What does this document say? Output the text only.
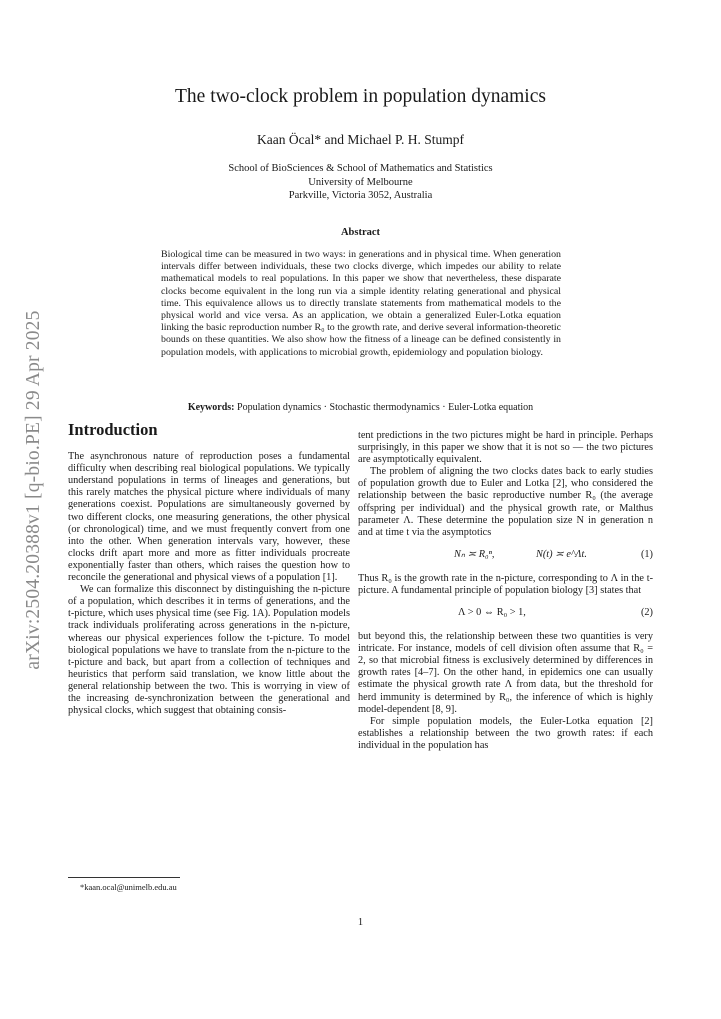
arXiv:2504.20388v1 [q-bio.PE] 29 Apr 2025
The two-clock problem in population dynamics
Kaan Öcal* and Michael P. H. Stumpf
School of BioSciences & School of Mathematics and Statistics
University of Melbourne
Parkville, Victoria 3052, Australia
Abstract

Biological time can be measured in two ways: in generations and in physical time. When generation intervals differ between individuals, these two clocks diverge, which impedes our ability to relate mathematical models to real populations. In this paper we show that nevertheless, these disparate clocks become equivalent in the long run via a simple identity relating generational and physical time. This equivalence allows us to directly translate statements from mathematical models to the physical world and vice versa. As an application, we obtain a generalized Euler-Lotka equation linking the basic reproduction number R₀ to the growth rate, and derive several information-theoretic bounds on these quantities. We also show how the fitness of a lineage can be defined consistently in population models, with applications to microbial growth, epidemiology and population biology.

Keywords: Population dynamics · Stochastic thermodynamics · Euler-Lotka equation
Introduction

The asynchronous nature of reproduction poses a fundamental difficulty when describing real biological populations. We typically understand populations in terms of lineages and generations, but this rarely matches the physical picture where individuals of many generations coexist. Populations are simultaneously governed by two different clocks, one measuring generations, the other physical (or chronological) time, and we must frequently convert from one into the other. When generation intervals vary, however, these clocks drift apart more and more as fitter individuals procreate exponentially faster than others, which raises the question how to reconcile the generational and physical views of a population [1].

We can formalize this disconnect by distinguishing the n-picture of a population, which describes it in terms of generations, and the t-picture, which uses physical time (see Fig. 1A). Population models track individuals proliferating across generations in the n-picture, whereas our physical experiences follow the t-picture. To model biological populations we have to translate from the n-picture to the t-picture and back, but apart from a collection of techniques and heuristics that perform said translation, we know little about the general relationship between the two. This is worrying in view of the increasing de-synchronization between the generational and physical clocks, which suggest that obtaining consis-

tent predictions in the two pictures might be hard in principle. Perhaps surprisingly, in this paper we show that it is not so — the two pictures are asymptotically equivalent.

The problem of aligning the two clocks dates back to early studies of population growth due to Euler and Lotka [2], who considered the relationship between the basic reproductive number R₀ (the average offspring per individual) and the physical growth rate, or Malthus parameter Λ. These determine the population size N in generation n and at time t via the asymptotics

Nₙ ≍ R₀ⁿ,	N(t) ≍ e^Λt.	(1)

Thus R₀ is the growth rate in the n-picture, corresponding to Λ in the t-picture. A fundamental principle of population biology [3] states that

Λ > 0 ⇔ R₀ > 1,	(2)

but beyond this, the relationship between these two quantities is very intricate. For instance, models of cell division often assume that R₀ = 2, so that microbial fitness is exclusively determined by differences in growth rates [4–7]. On the other hand, in epidemics one can usually estimate the physical growth rate Λ from data, but the threshold for herd immunity is determined by R₀, the inference of which is highly model-dependent [8, 9].

For simple population models, the Euler-Lotka equation [2] establishes a relationship between the two growth rates: if each individual in the population has

*kaan.ocal@unimelb.edu.au
1
